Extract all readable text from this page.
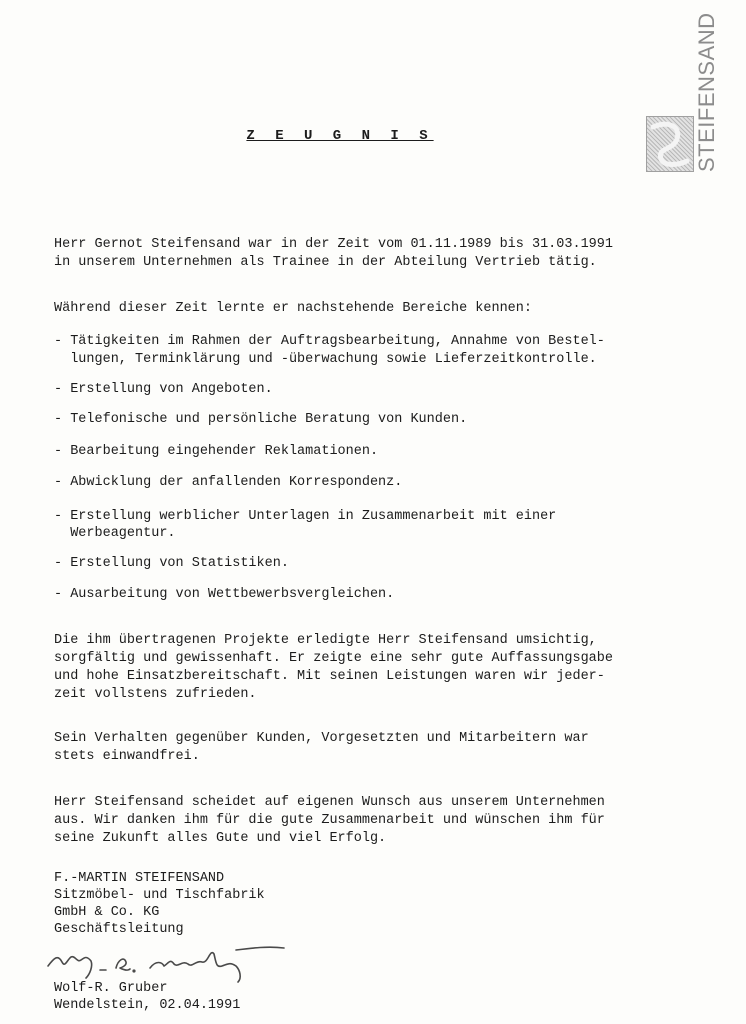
STEIFENSAND
Z E U G N I S

Herr Gernot Steifensand war in der Zeit vom 01.11.1989 bis 31.03.1991

in unserem Unternehmen als Trainee in der Abteilung Vertrieb tätig.

Während dieser Zeit lernte er nachstehende Bereiche kennen:

- Tätigkeiten im Rahmen der Auftragsbearbeitung, Annahme von Bestel-

lungen, Terminklärung und -überwachung sowie Lieferzeitkontrolle.

- Erstellung von Angeboten.

- Telefonische und persönliche Beratung von Kunden.

- Bearbeitung eingehender Reklamationen.

- Abwicklung der anfallenden Korrespondenz.

- Erstellung werblicher Unterlagen in Zusammenarbeit mit einer

Werbeagentur.

- Erstellung von Statistiken.

- Ausarbeitung von Wettbewerbsvergleichen.

Die ihm übertragenen Projekte erledigte Herr Steifensand umsichtig,

sorgfältig und gewissenhaft. Er zeigte eine sehr gute Auffassungsgabe

und hohe Einsatzbereitschaft. Mit seinen Leistungen waren wir jeder-

zeit vollstens zufrieden.

Sein Verhalten gegenüber Kunden, Vorgesetzten und Mitarbeitern war

stets einwandfrei.

Herr Steifensand scheidet auf eigenen Wunsch aus unserem Unternehmen

aus. Wir danken ihm für die gute Zusammenarbeit und wünschen ihm für

seine Zukunft alles Gute und viel Erfolg.

F.-MARTIN STEIFENSAND

Sitzmöbel- und Tischfabrik

GmbH & Co. KG

Geschäftsleitung

Wolf-R. Gruber

Wendelstein, 02.04.1991
